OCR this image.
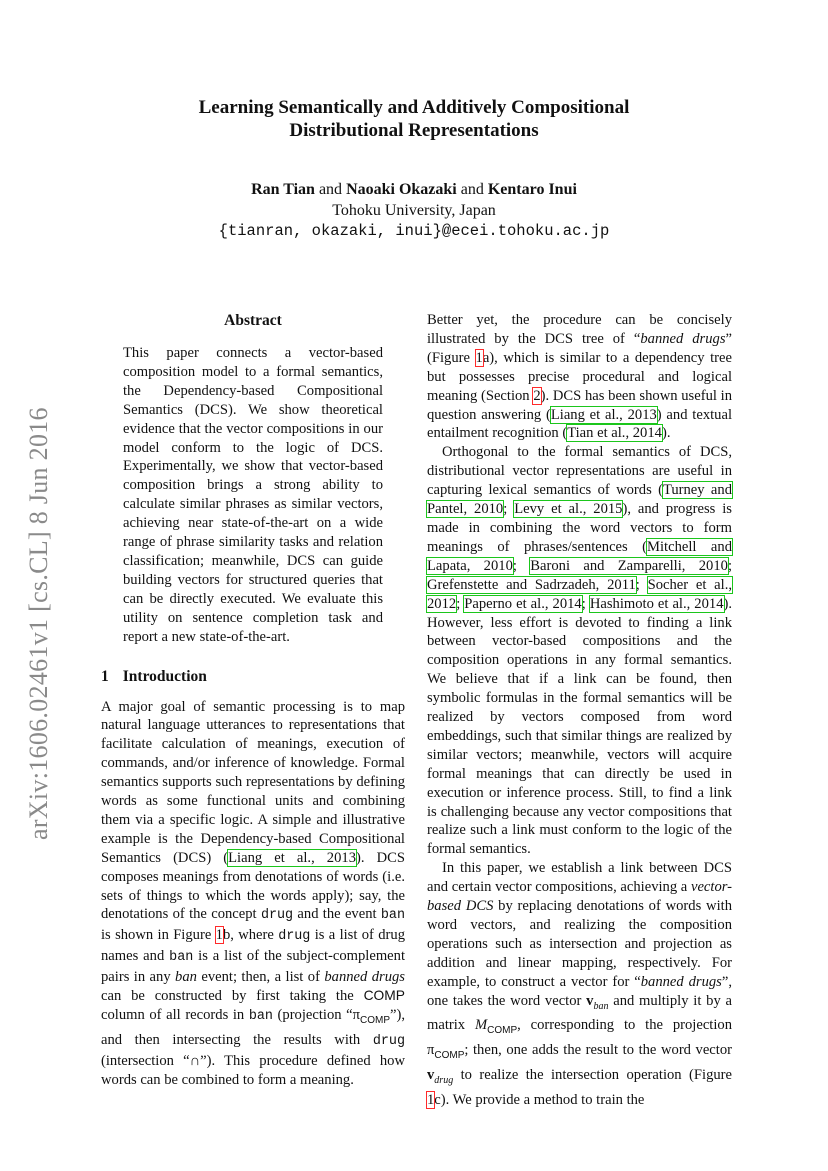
arXiv:1606.02461v1 [cs.CL] 8 Jun 2016
Learning Semantically and Additively Compositional
Distributional Representations
Ran Tian and Naoaki Okazaki and Kentaro Inui
Tohoku University, Japan
{tianran, okazaki, inui}@ecei.tohoku.ac.jp
Abstract

This paper connects a vector-based composition model to a formal semantics, the Dependency-based Compositional Semantics (DCS). We show theoretical evidence that the vector compositions in our model conform to the logic of DCS. Experimentally, we show that vector-based composition brings a strong ability to calculate similar phrases as similar vectors, achieving near state-of-the-art on a wide range of phrase similarity tasks and relation classification; meanwhile, DCS can guide building vectors for structured queries that can be directly executed. We evaluate this utility on sentence completion task and report a new state-of-the-art.

1 Introduction

A major goal of semantic processing is to map natural language utterances to representations that facilitate calculation of meanings, execution of commands, and/or inference of knowledge. Formal semantics supports such representations by defining words as some functional units and combining them via a specific logic. A simple and illustrative example is the Dependency-based Compositional Semantics (DCS) (Liang et al., 2013). DCS composes meanings from denotations of words (i.e. sets of things to which the words apply); say, the denotations of the concept drug and the event ban is shown in Figure 1b, where drug is a list of drug names and ban is a list of the subject-complement pairs in any ban event; then, a list of banned drugs can be constructed by first taking the COMP column of all records in ban (projection “$\pi_{COMP}$”), and then intersecting the results with drug (intersection “∩”). This procedure defined how words can be combined to form a meaning.

Better yet, the procedure can be concisely illustrated by the DCS tree of “banned drugs” (Figure 1a), which is similar to a dependency tree but possesses precise procedural and logical meaning (Section 2). DCS has been shown useful in question answering (Liang et al., 2013) and textual entailment recognition (Tian et al., 2014).

Orthogonal to the formal semantics of DCS, distributional vector representations are useful in capturing lexical semantics of words (Turney and Pantel, 2010; Levy et al., 2015), and progress is made in combining the word vectors to form meanings of phrases/sentences (Mitchell and Lapata, 2010; Baroni and Zamparelli, 2010; Grefenstette and Sadrzadeh, 2011; Socher et al., 2012; Paperno et al., 2014; Hashimoto et al., 2014). However, less effort is devoted to finding a link between vector-based compositions and the composition operations in any formal semantics. We believe that if a link can be found, then symbolic formulas in the formal semantics will be realized by vectors composed from word embeddings, such that similar things are realized by similar vectors; meanwhile, vectors will acquire formal meanings that can directly be used in execution or inference process. Still, to find a link is challenging because any vector compositions that realize such a link must conform to the logic of the formal semantics.

In this paper, we establish a link between DCS and certain vector compositions, achieving a vector-based DCS by replacing denotations of words with word vectors, and realizing the composition operations such as intersection and projection as addition and linear mapping, respectively. For example, to construct a vector for “banned drugs”, one takes the word vector $v_{ban}$ and multiply it by a matrix $M_{COMP}$, corresponding to the projection $\pi_{COMP}$; then, one adds the result to the word vector $v_{drug}$ to realize the intersection operation (Figure 1c). We provide a method to train the
